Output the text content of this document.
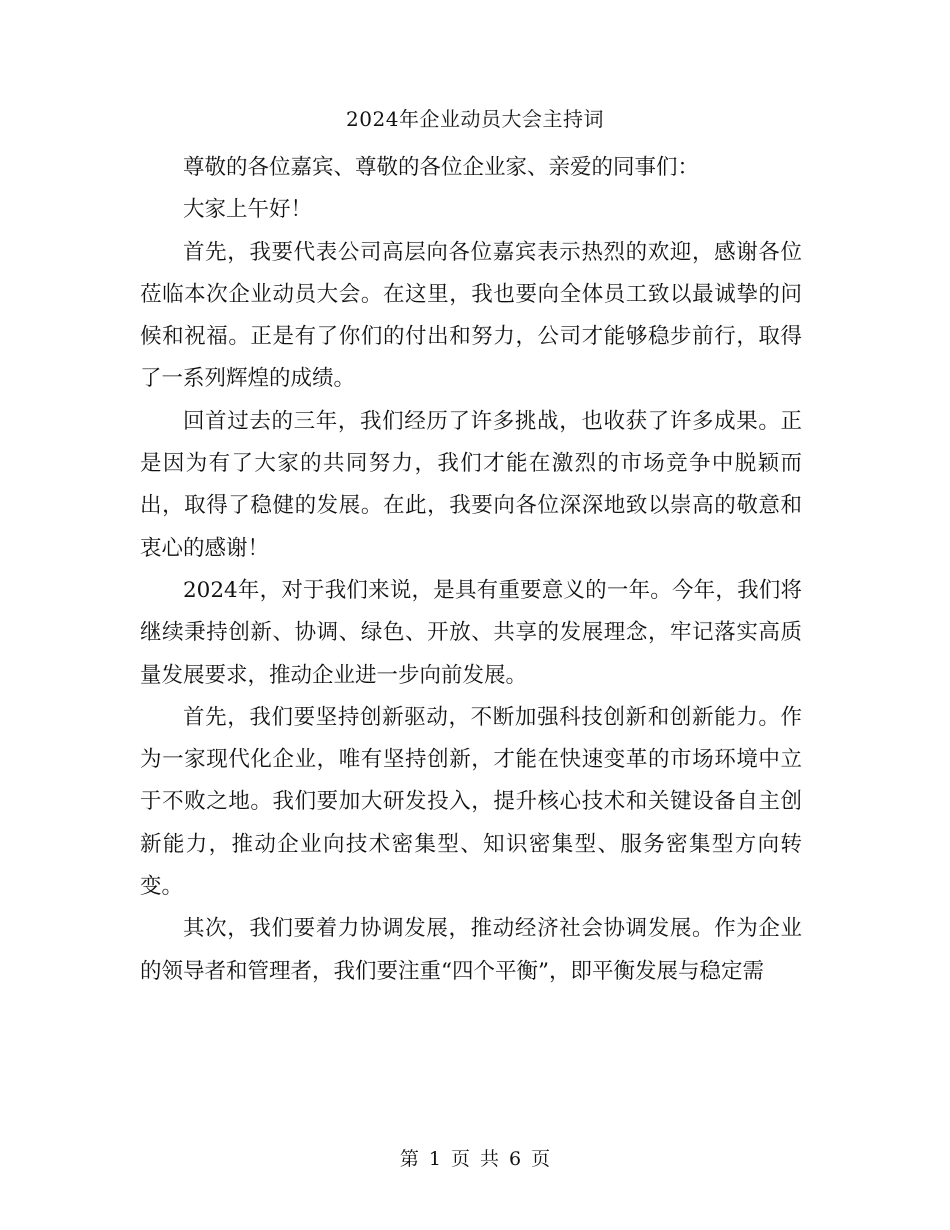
2024年企业动员大会主持词

尊敬的各位嘉宾、尊敬的各位企业家、亲爱的同事们：

大家上午好！

首先，我要代表公司高层向各位嘉宾表示热烈的欢迎，感谢各位莅临本次企业动员大会。在这里，我也要向全体员工致以最诚挚的问候和祝福。正是有了你们的付出和努力，公司才能够稳步前行，取得了一系列辉煌的成绩。

回首过去的三年，我们经历了许多挑战，也收获了许多成果。正是因为有了大家的共同努力，我们才能在激烈的市场竞争中脱颖而出，取得了稳健的发展。在此，我要向各位深深地致以崇高的敬意和衷心的感谢！

2024年，对于我们来说，是具有重要意义的一年。今年，我们将继续秉持创新、协调、绿色、开放、共享的发展理念，牢记落实高质量发展要求，推动企业进一步向前发展。

首先，我们要坚持创新驱动，不断加强科技创新和创新能力。作为一家现代化企业，唯有坚持创新，才能在快速变革的市场环境中立于不败之地。我们要加大研发投入，提升核心技术和关键设备自主创新能力，推动企业向技术密集型、知识密集型、服务密集型方向转变。

其次，我们要着力协调发展，推动经济社会协调发展。作为企业的领导者和管理者，我们要注重“四个平衡”，即平衡发展与稳定需

第 1 页 共 6 页
